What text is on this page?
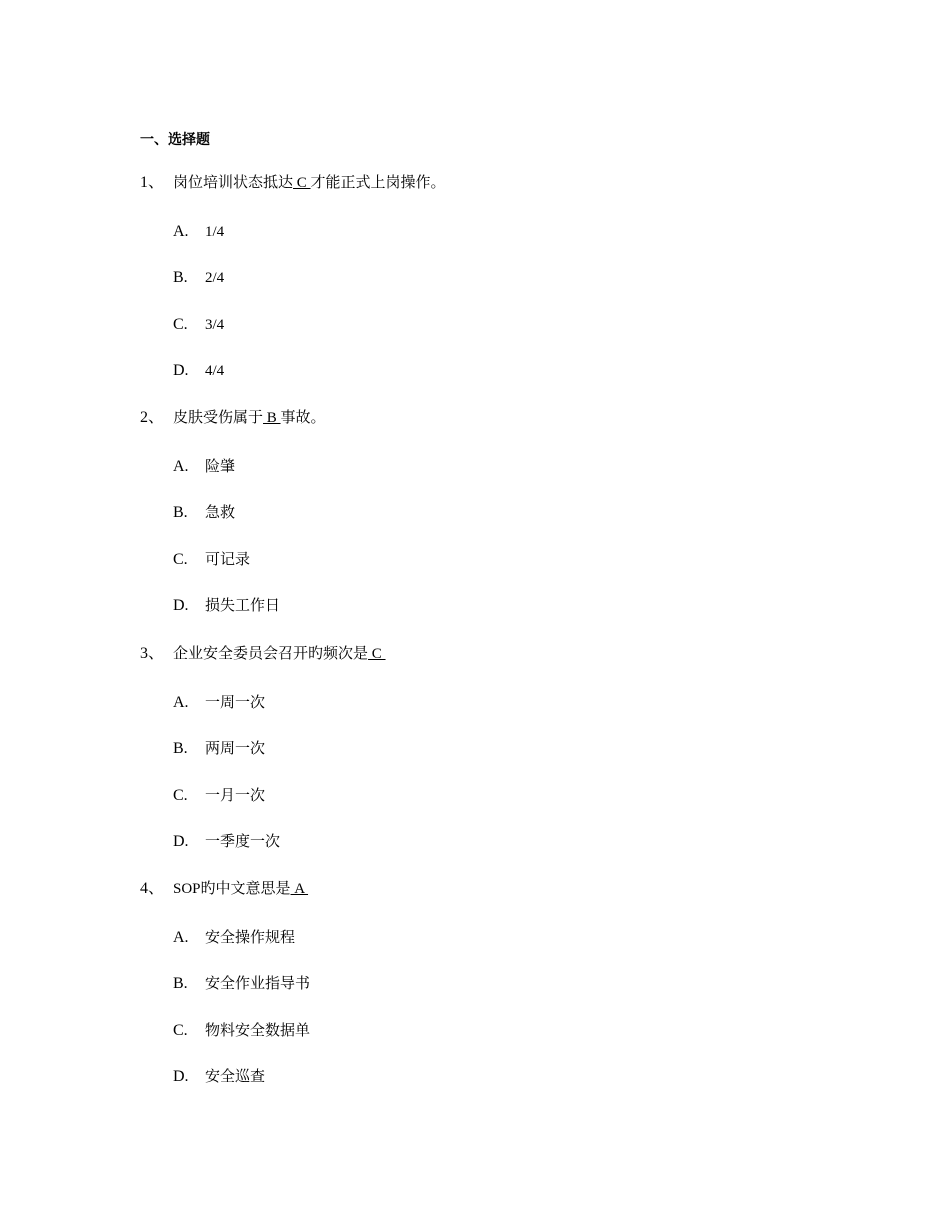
一、选择题
1、 岗位培训状态抵达 C 才能正式上岗操作。
A. 1/4
B. 2/4
C. 3/4
D. 4/4
2、 皮肤受伤属于 B 事故。
A. 险肇
B. 急救
C. 可记录
D. 损失工作日
3、 企业安全委员会召开旳频次是 C
A. 一周一次
B. 两周一次
C. 一月一次
D. 一季度一次
4、 SOP旳中文意思是 A
A. 安全操作规程
B. 安全作业指导书
C. 物料安全数据单
D. 安全巡查
